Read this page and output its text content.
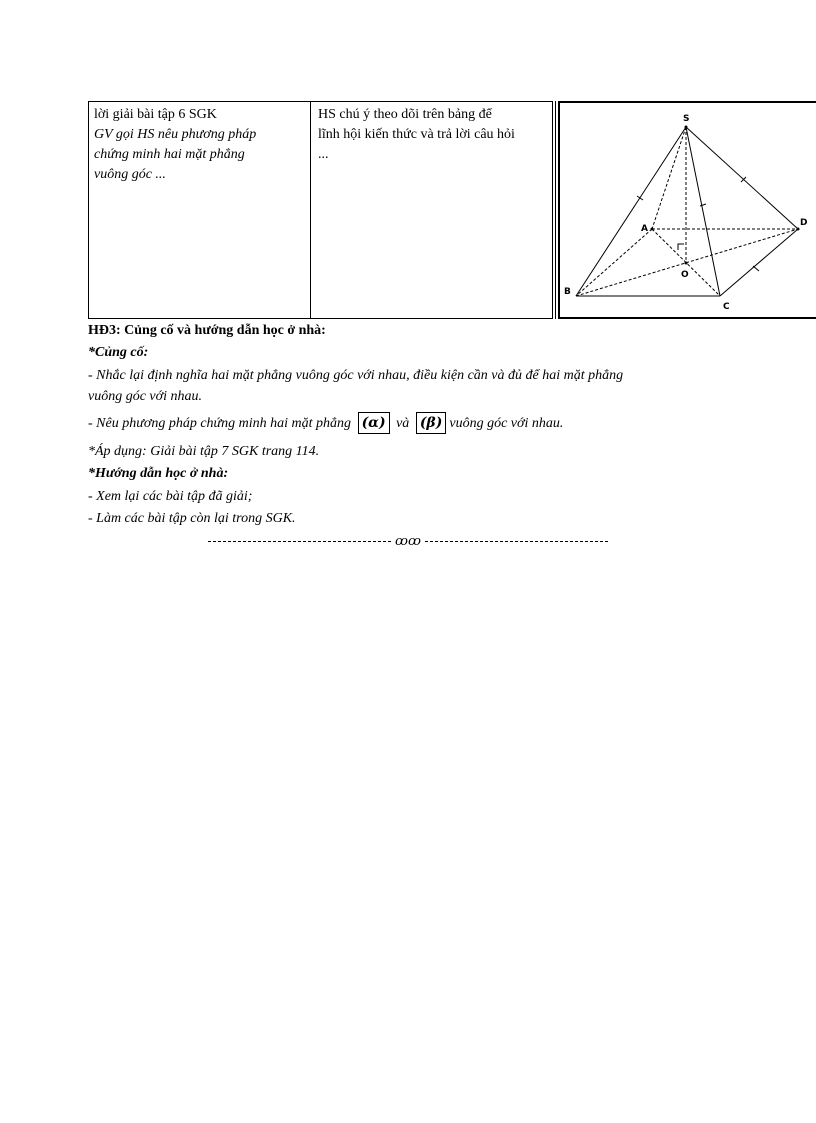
lời giải bài tập 6 SGK
GV gọi HS nêu phương pháp
chứng minh hai mặt phẳng
vuông góc ...
HS chú ý theo dõi trên bảng để
lĩnh hội kiến thức và trả lời câu hỏi
...
S
A
D
B
C
O
HĐ3: Củng cố và hướng dẫn học ở nhà:
*Củng cố:
- Nhắc lại định nghĩa hai mặt phẳng vuông góc với nhau, điều kiện cần và đủ để hai mặt phẳng
vuông góc với nhau.
- Nêu phương pháp chứng minh hai mặt phẳng (α) và (β) vuông góc với nhau.
*Áp dụng: Giải bài tập 7 SGK trang 114.
*Hướng dẫn học ở nhà:
- Xem lại các bài tập đã giải;
- Làm các bài tập còn lại trong SGK.
ꝏꝏ
